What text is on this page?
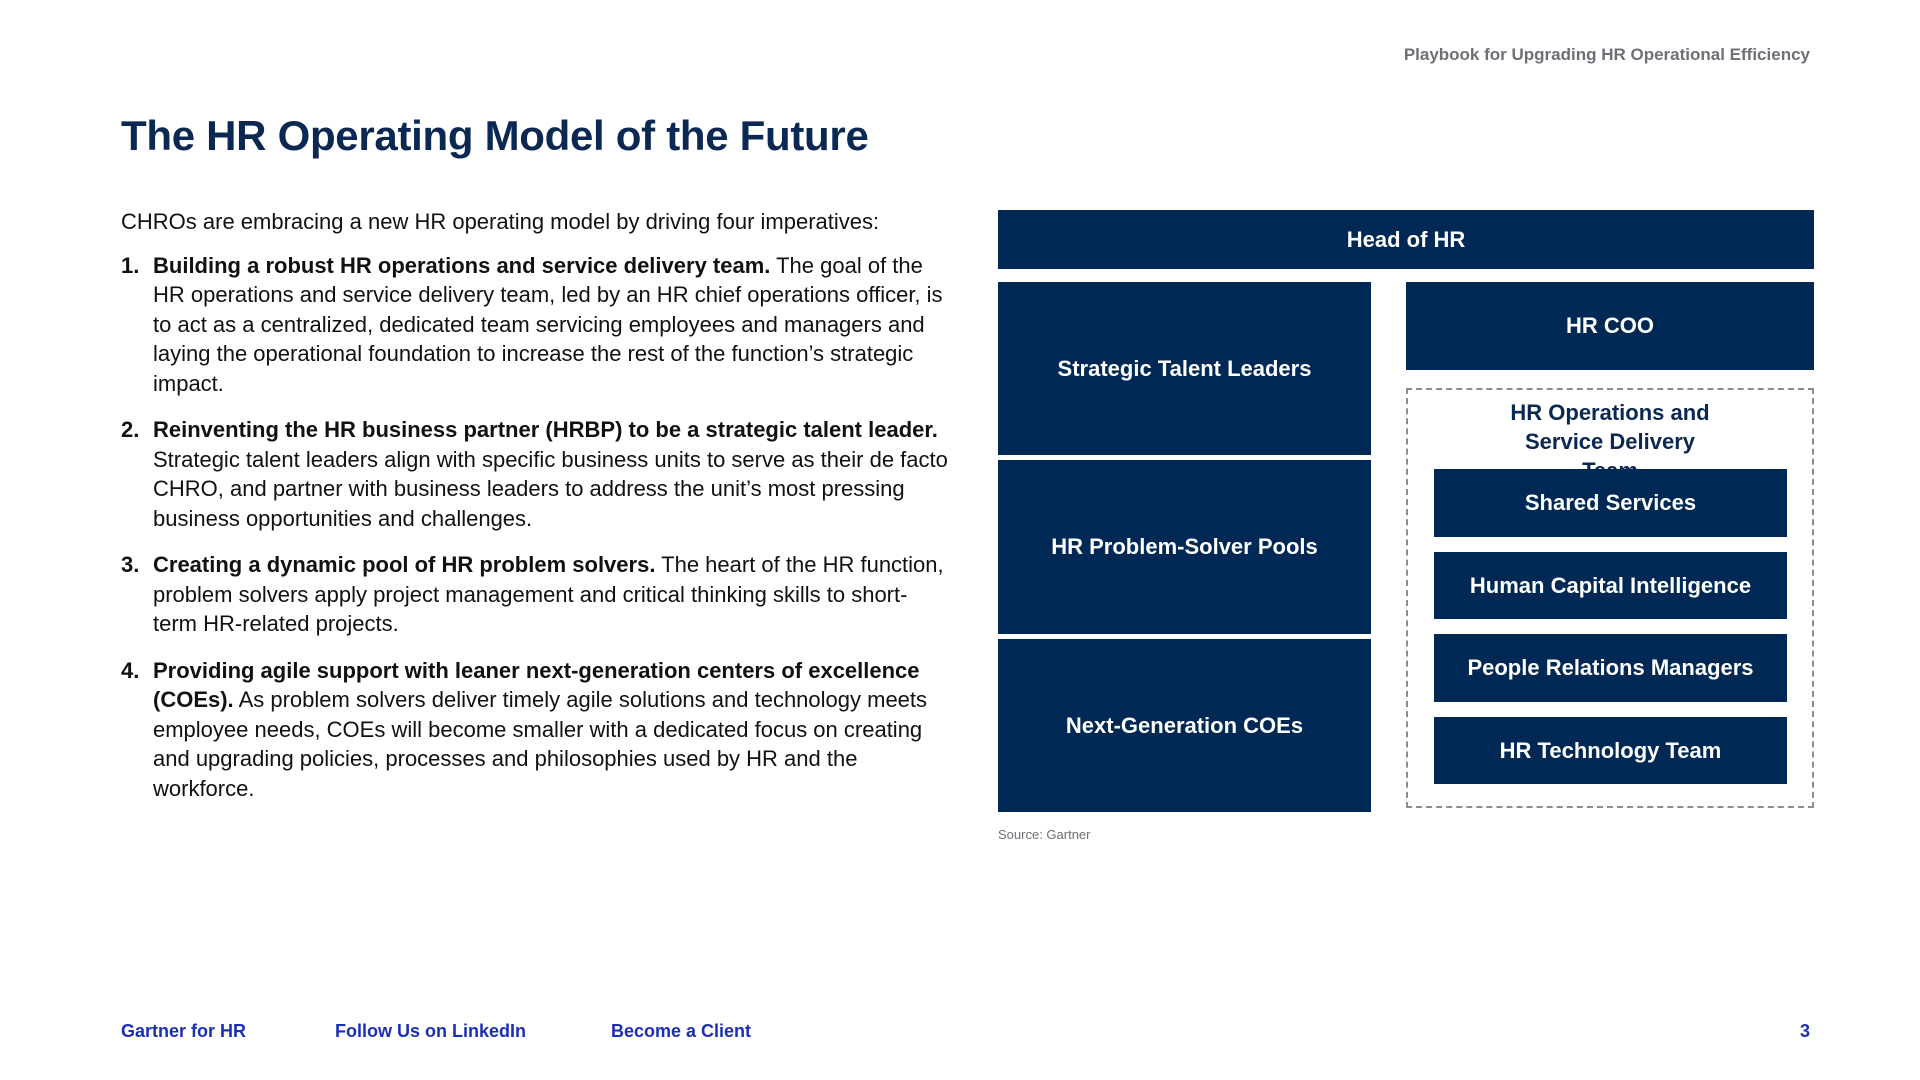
Playbook for Upgrading HR Operational Efficiency
The HR Operating Model of the Future

CHROs are embracing a new HR operating model by driving four imperatives:

1. Building a robust HR operations and service delivery team. The goal of the HR operations and service delivery team, led by an HR chief operations officer, is to act as a centralized, dedicated team servicing employees and managers and laying the operational foundation to increase the rest of the function’s strategic impact.
2. Reinventing the HR business partner (HRBP) to be a strategic talent leader. Strategic talent leaders align with specific business units to serve as their de facto CHRO, and partner with business leaders to address the unit’s most pressing business opportunities and challenges.
3. Creating a dynamic pool of HR problem solvers. The heart of the HR function, problem solvers apply project management and critical thinking skills to short-term HR-related projects.
4. Providing agile support with leaner next-generation centers of excellence (COEs). As problem solvers deliver timely agile solutions and technology meets employee needs, COEs will become smaller with a dedicated focus on creating and upgrading policies, processes and philosophies used by HR and the workforce.
Head of HR
Strategic Talent Leaders
HR Problem-Solver Pools
Next-Generation COEs
HR COO
HR Operations and Service Delivery
Shared Services
Human Capital Intelligence
People Relations Managers
HR Technology Team
Source: Gartner
Gartner for HR	Follow Us on LinkedIn	Become a Client	3
